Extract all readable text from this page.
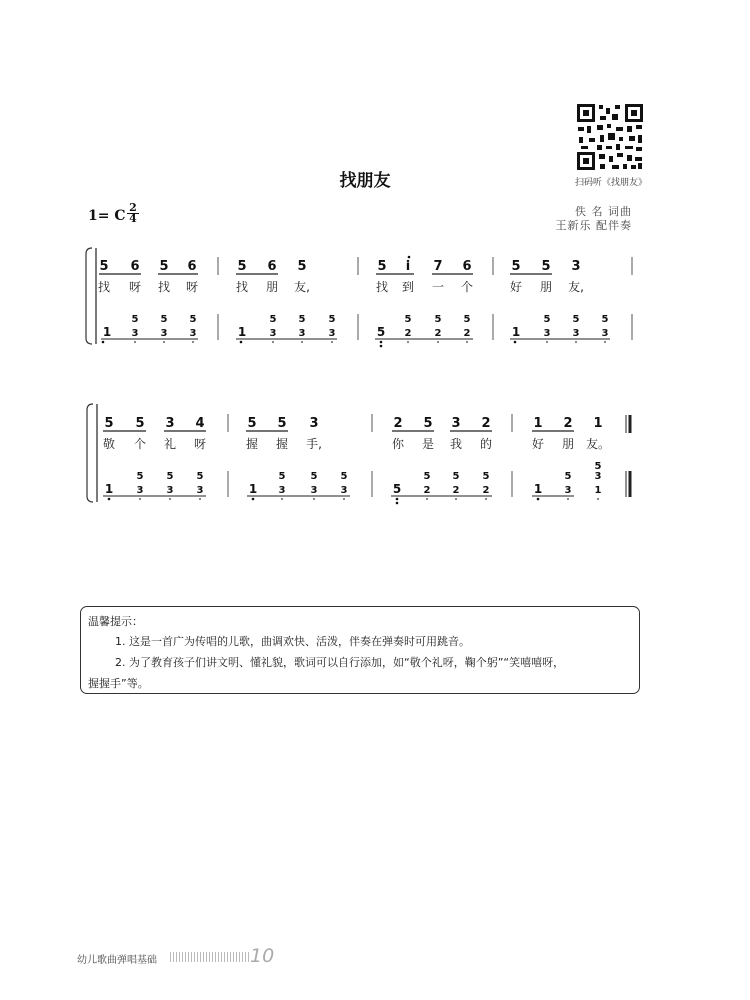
扫码听《找朋友》
找朋友
1= C
2
4
佚 名 词曲
王新乐 配伴奏
5 6 5 6
找 呀 找 呀
1
5
3
5
3
5
3
5 6 5
找 朋 友,
1
5
3
5
3
5
3
5 i 7 6
找 到 一 个
5
5
2
5
2
5
2
5 5 3
好 朋 友,
1
5
3
5
3
5
3
5 5 3 4
敬 个 礼 呀
1
5
3
5
3
5
3
5 5 3
握 握 手,
1
5
3
5
3
5
3
2 5 3 2
你 是 我 的
5
5
2
5
2
5
2
1 2 1
好 朋 友。
1
5
3
5
3
1
温馨提示：
1. 这是一首广为传唱的儿歌，曲调欢快、活泼，伴奏在弹奏时可用跳音。
2. 为了教育孩子们讲文明、懂礼貌，歌词可以自行添加，如“敬个礼呀，鞠个躬”“笑嘻嘻呀，
握握手”等。
幼儿歌曲弹唱基础	10
